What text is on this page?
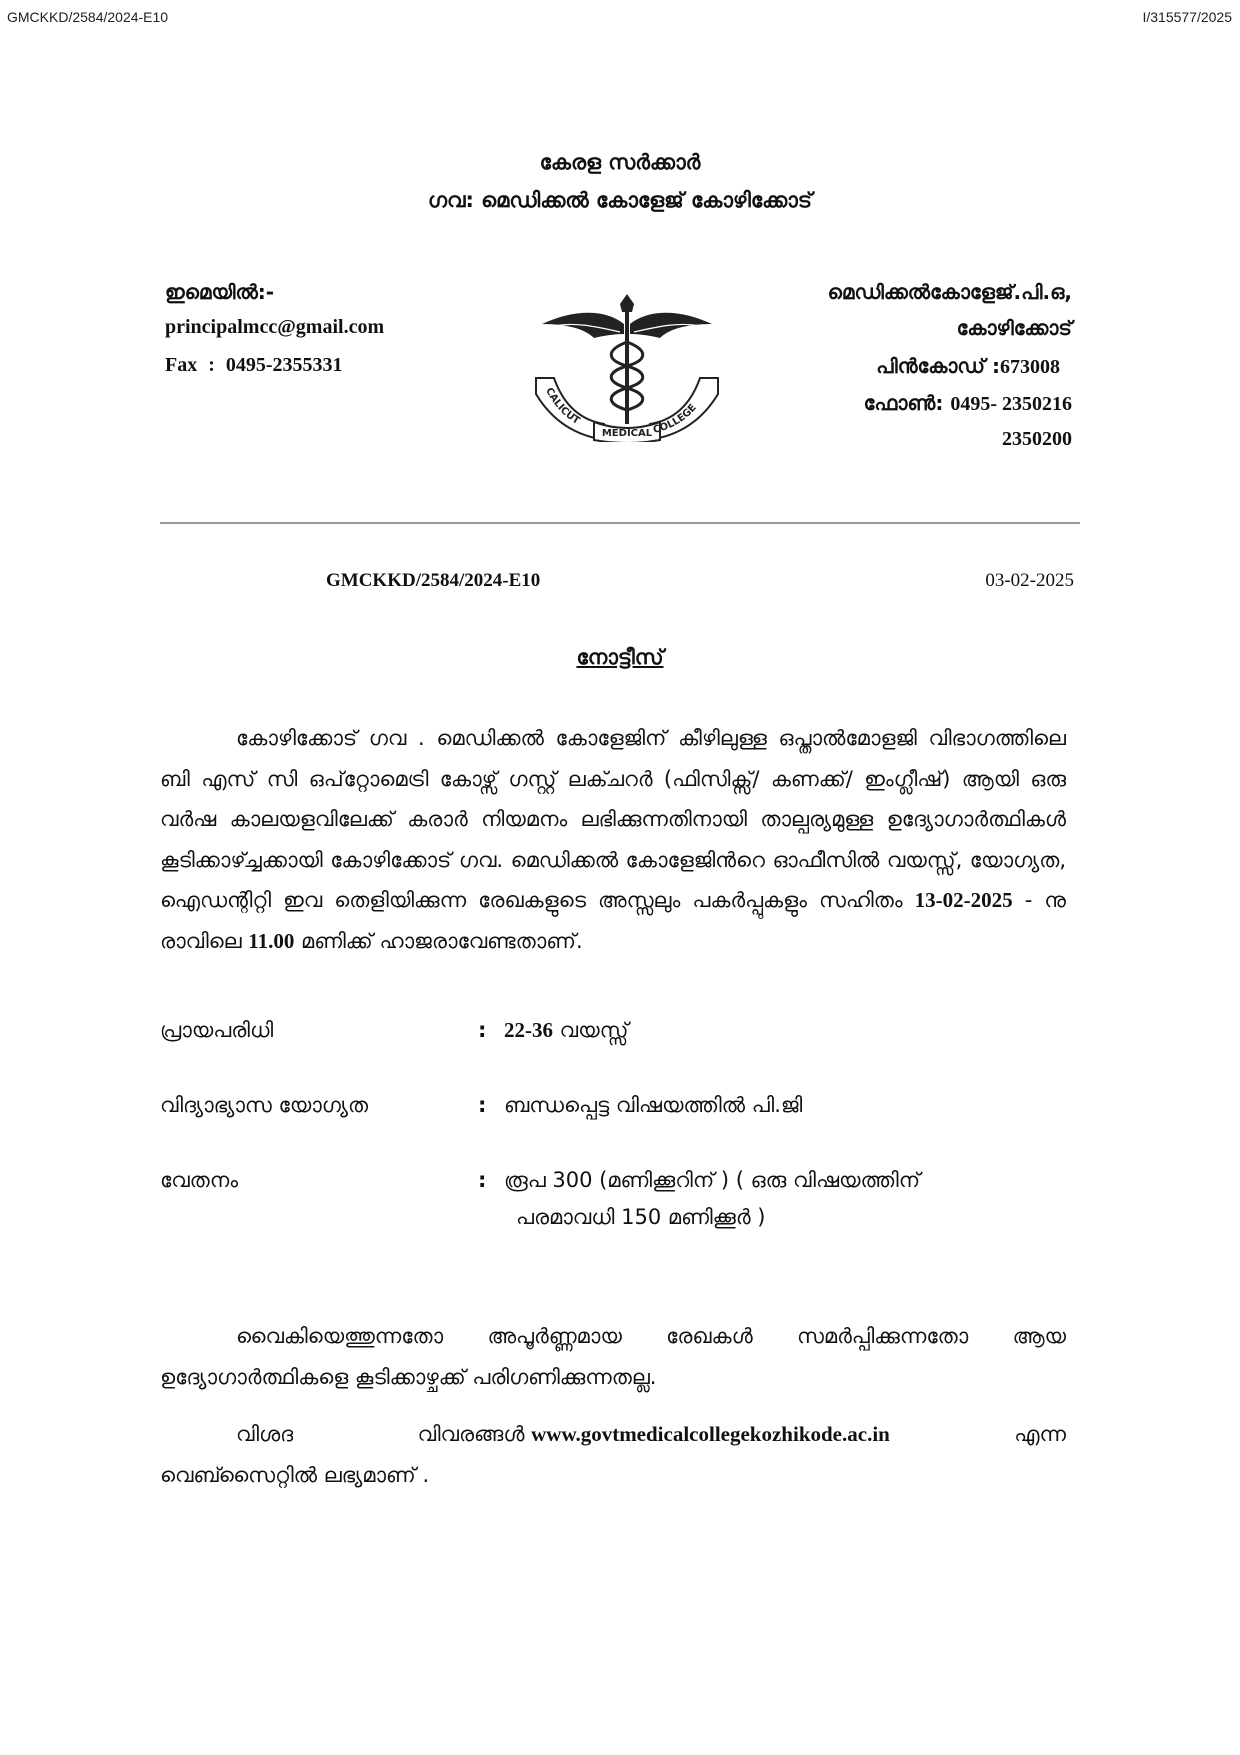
GMCKKD/2584/2024-E10	I/315577/2025
കേരള സർക്കാർ
ഗവ: മെഡിക്കൽ കോളേജ് കോഴിക്കോട്
ഇമെയിൽ:-
principalmcc@gmail.com
Fax : 0495-2355331
CALICUT
MEDICAL COLLEGE
മെഡിക്കൽകോളേജ്.പി.ഒ,
കോഴിക്കോട്
പിൻകോഡ് :673008
ഫോൺ: 0495- 2350216
2350200
GMCKKD/2584/2024-E10	03-02-2025
നോട്ടീസ്
കോഴിക്കോട് ഗവ . മെഡിക്കൽ കോളേജിന് കീഴിലുള്ള ഒപ്താൽമോളജി വിഭാഗത്തിലെ ബി എസ് സി ഒപ്‌റ്റോമെട്രി കോഴ്സ് ഗസ്റ്റ് ലക്ചറർ (ഫിസിക്സ്/ കണക്ക്/ ഇംഗ്ലീഷ്) ആയി ഒരു വർഷ കാലയളവിലേക്ക് കരാർ നിയമനം ലഭിക്കുന്നതിനായി താല്പര്യമുള്ള ഉദ്യോഗാർത്ഥികൾ കൂടിക്കാഴ്ച്ചക്കായി കോഴിക്കോട് ഗവ. മെഡിക്കൽ കോളേജിൻറെ ഓഫീസിൽ വയസ്സ്, യോഗ്യത, ഐഡന്റിറ്റി ഇവ തെളിയിക്കുന്ന രേഖകളുടെ അസ്സലും പകർപ്പുകളും സഹിതം 13-02-2025 - നു രാവിലെ 11.00 മണിക്ക് ഹാജരാവേണ്ടതാണ്.
പ്രായപരിധി	: 22-36 വയസ്സ്
വിദ്യാഭ്യാസ യോഗ്യത	: ബന്ധപ്പെട്ട വിഷയത്തിൽ പി.ജി
വേതനം	: രൂപ 300 (മണിക്കൂറിന് ) ( ഒരു വിഷയത്തിന്
പരമാവധി 150 മണിക്കൂർ )
വൈകിയെത്തുന്നതോ അപൂർണ്ണമായ രേഖകൾ സമർപ്പിക്കുന്നതോ ആയ ഉദ്യോഗാർത്ഥികളെ കൂടിക്കാഴ്ചക്ക് പരിഗണിക്കുന്നതല്ല.
വിശദ	വിവരങ്ങൾ www.govtmedicalcollegekozhikode.ac.in	എന്ന
വെബ്സൈറ്റിൽ ലഭ്യമാണ് .
